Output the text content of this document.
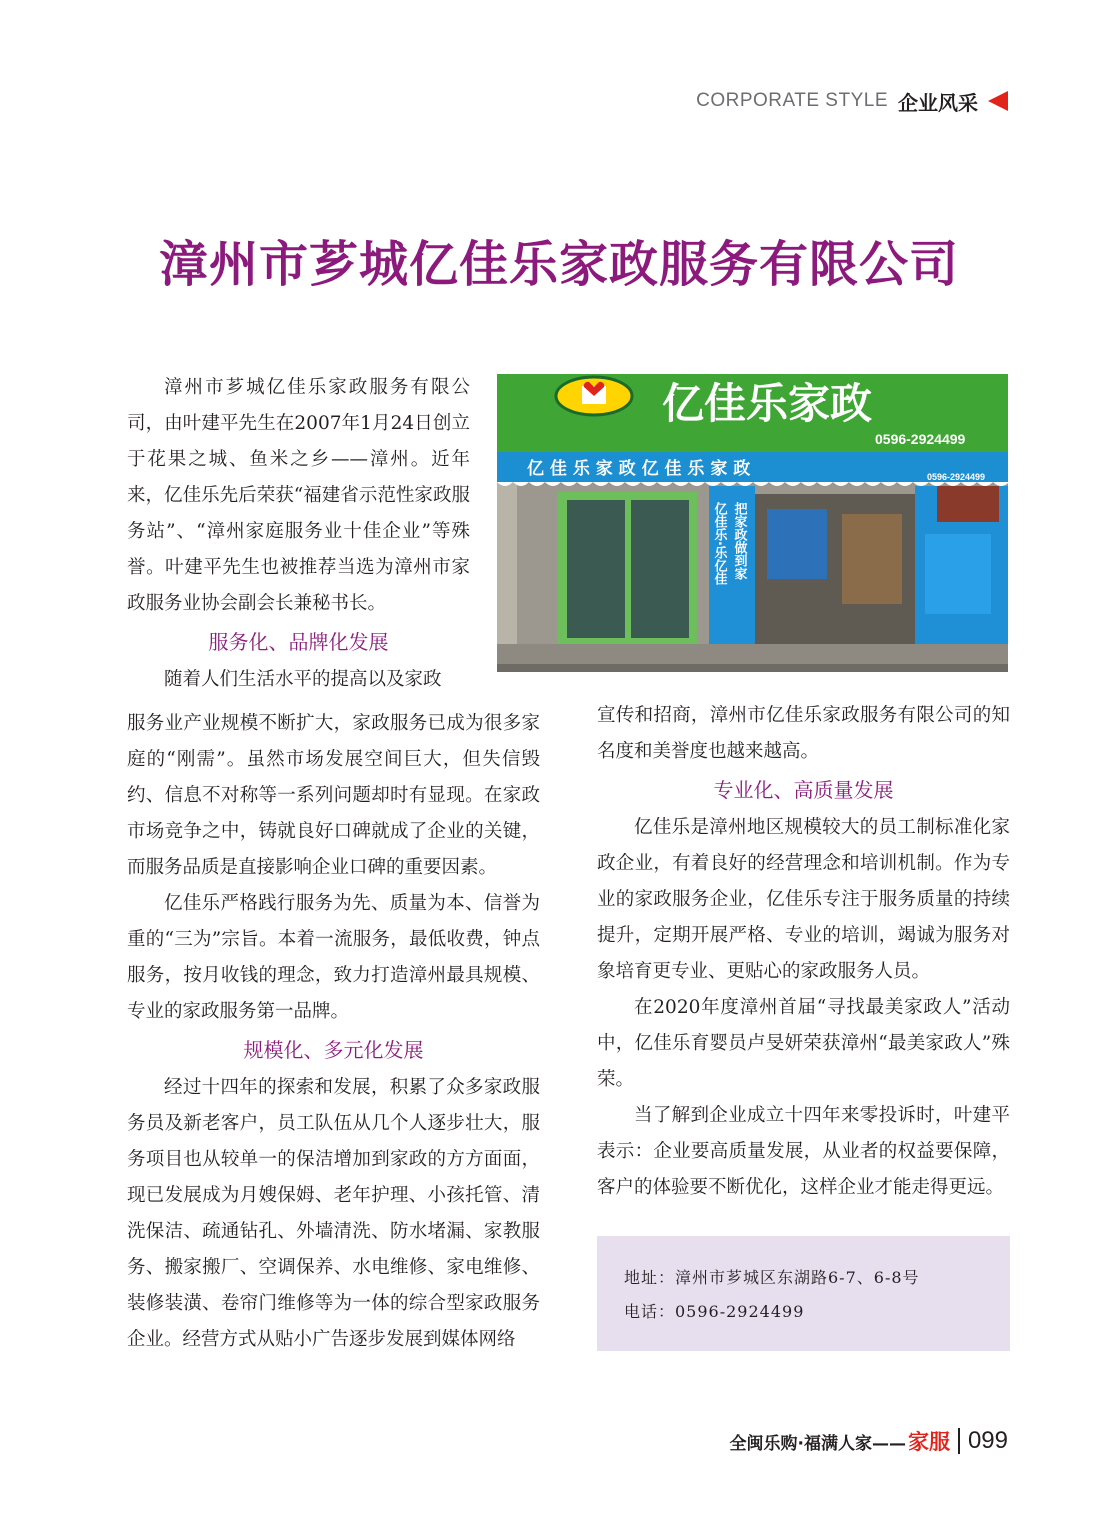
CORPORATE STYLE 企业风采
漳州市芗城亿佳乐家政服务有限公司

漳州市芗城亿佳乐家政服务有限公司，由叶建平先生在2007年1月24日创立于花果之城、鱼米之乡——漳州。近年来，亿佳乐先后荣获“福建省示范性家政服务站”、“漳州家庭服务业十佳企业”等殊誉。叶建平先生也被推荐当选为漳州市家政服务业协会副会长兼秘书长。

服务化、品牌化发展

随着人们生活水平的提高以及家政

服务业产业规模不断扩大，家政服务已成为很多家庭的“刚需”。虽然市场发展空间巨大，但失信毁约、信息不对称等一系列问题却时有显现。在家政市场竞争之中，铸就良好口碑就成了企业的关键，而服务品质是直接影响企业口碑的重要因素。

亿佳乐严格践行服务为先、质量为本、信誉为重的“三为”宗旨。本着一流服务，最低收费，钟点服务，按月收钱的理念，致力打造漳州最具规模、专业的家政服务第一品牌。

规模化、多元化发展

经过十四年的探索和发展，积累了众多家政服务员及新老客户，员工队伍从几个人逐步壮大，服务项目也从较单一的保洁增加到家政的方方面面，现已发展成为月嫂保姆、老年护理、小孩托管、清洗保洁、疏通钻孔、外墙清洗、防水堵漏、家教服务、搬家搬厂、空调保养、水电维修、家电维修、装修装潢、卷帘门维修等为一体的综合型家政服务企业。经营方式从贴小广告逐步发展到媒体网络

宣传和招商，漳州市亿佳乐家政服务有限公司的知名度和美誉度也越来越高。

专业化、高质量发展

亿佳乐是漳州地区规模较大的员工制标准化家政企业，有着良好的经营理念和培训机制。作为专业的家政服务企业，亿佳乐专注于服务质量的持续提升，定期开展严格、专业的培训，竭诚为服务对象培育更专业、更贴心的家政服务人员。

在2020年度漳州首届“寻找最美家政人”活动中，亿佳乐育婴员卢旻妍荣获漳州“最美家政人”殊荣。

当了解到企业成立十四年来零投诉时，叶建平表示：企业要高质量发展，从业者的权益要保障，客户的体验要不断优化，这样企业才能走得更远。

亿佳乐家政
0596-2924499
亿 佳 乐 家 政 亿 佳 乐 家 政	0596-2924499
亿佳乐·乐亿佳 把家政做到家
地址：漳州市芗城区东湖路6-7、6-8号
电话：0596-2924499
全闽乐购·福满人家—— 家服 099
